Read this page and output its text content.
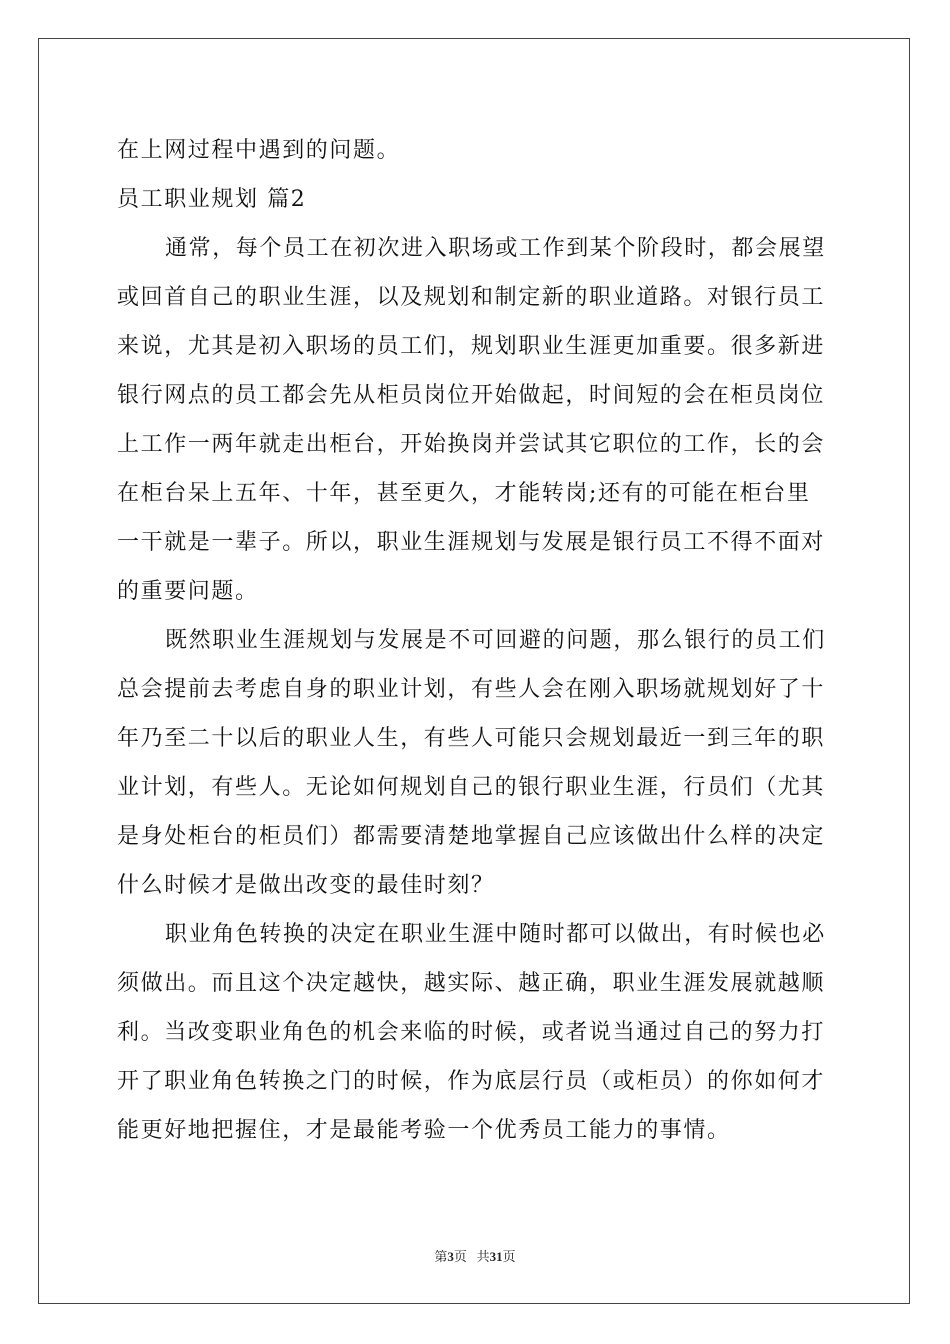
在上网过程中遇到的问题。
员工职业规划 篇2
通常，每个员工在初次进入职场或工作到某个阶段时，都会展望
或回首自己的职业生涯，以及规划和制定新的职业道路。对银行员工
来说，尤其是初入职场的员工们，规划职业生涯更加重要。很多新进
银行网点的员工都会先从柜员岗位开始做起，时间短的会在柜员岗位
上工作一两年就走出柜台，开始换岗并尝试其它职位的工作，长的会
在柜台呆上五年、十年，甚至更久，才能转岗;还有的可能在柜台里
一干就是一辈子。所以，职业生涯规划与发展是银行员工不得不面对
的重要问题。
既然职业生涯规划与发展是不可回避的问题，那么银行的员工们
总会提前去考虑自身的职业计划，有些人会在刚入职场就规划好了十
年乃至二十以后的职业人生，有些人可能只会规划最近一到三年的职
业计划，有些人。无论如何规划自己的银行职业生涯，行员们（尤其
是身处柜台的柜员们）都需要清楚地掌握自己应该做出什么样的决定
什么时候才是做出改变的最佳时刻？
职业角色转换的决定在职业生涯中随时都可以做出，有时候也必
须做出。而且这个决定越快，越实际、越正确，职业生涯发展就越顺
利。当改变职业角色的机会来临的时候，或者说当通过自己的努力打
开了职业角色转换之门的时候，作为底层行员（或柜员）的你如何才
能更好地把握住，才是最能考验一个优秀员工能力的事情。
第3页 共31页
